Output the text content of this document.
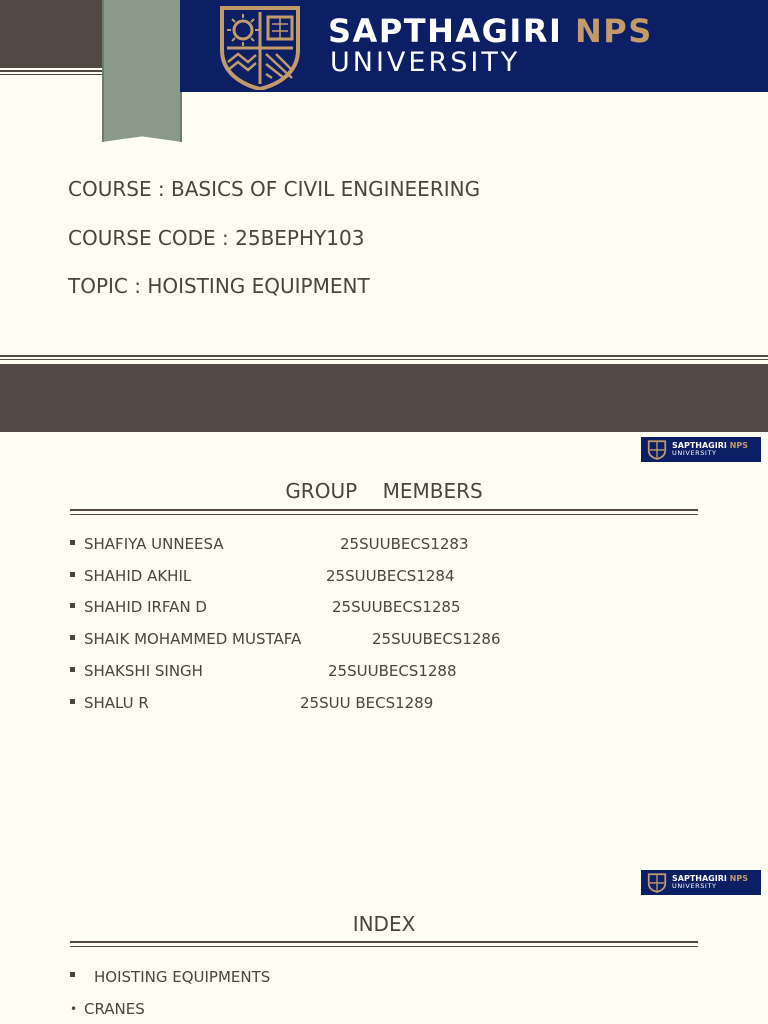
SAPTHAGIRI NPS
UNIVERSITY
COURSE : BASICS OF CIVIL ENGINEERING
COURSE CODE : 25BEPHY103
TOPIC : HOISTING EQUIPMENT
SAPTHAGIRI NPS
UNIVERSITY
GROUP    MEMBERS
SHAFIYA UNNEESA	25SUUBECS1283
SHAHID AKHIL	25SUUBECS1284
SHAHID IRFAN D	25SUUBECS1285
SHAIK MOHAMMED MUSTAFA	25SUUBECS1286
SHAKSHI SINGH	25SUUBECS1288
SHALU R	25SUU BECS1289
SAPTHAGIRI NPS
UNIVERSITY
INDEX
HOISTING EQUIPMENTS
• CRANES
